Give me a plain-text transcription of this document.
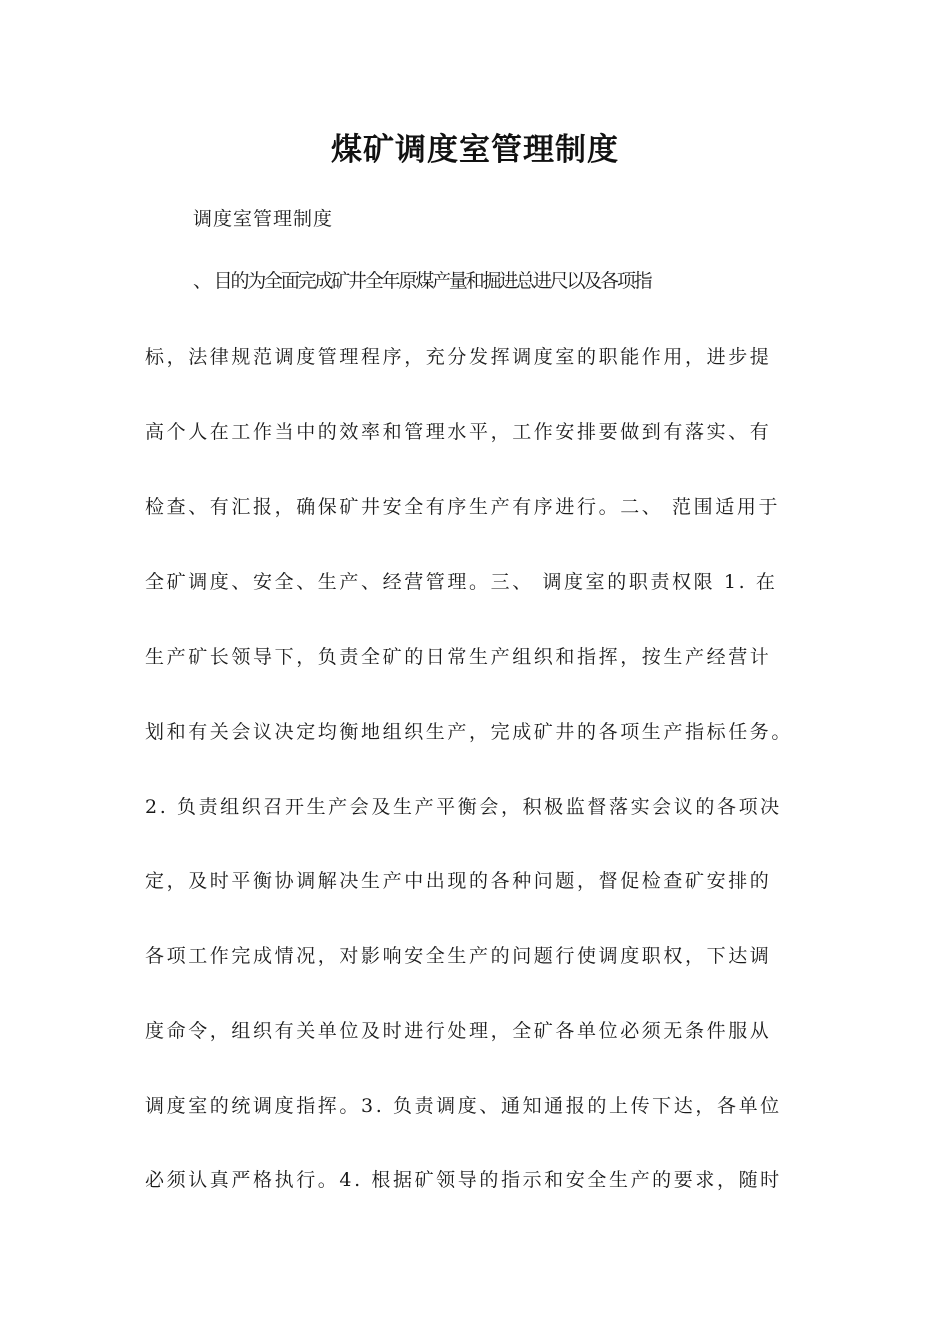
煤矿调度室管理制度

调度室管理制度

、 目的为全面完成矿井全年原煤产量和掘进总进尺以及各项指

标，法律规范调度管理程序，充分发挥调度室的职能作用，进步提

高个人在工作当中的效率和管理水平，工作安排要做到有落实、有

检查、有汇报，确保矿井安全有序生产有序进行。二、 范围适用于

全矿调度、安全、生产、经营管理。三、 调度室的职责权限 1. 在

生产矿长领导下，负责全矿的日常生产组织和指挥，按生产经营计

划和有关会议决定均衡地组织生产，完成矿井的各项生产指标任务。

2. 负责组织召开生产会及生产平衡会，积极监督落实会议的各项决

定，及时平衡协调解决生产中出现的各种问题，督促检查矿安排的

各项工作完成情况，对影响安全生产的问题行使调度职权，下达调

度命令，组织有关单位及时进行处理，全矿各单位必须无条件服从

调度室的统调度指挥。3. 负责调度、通知通报的上传下达，各单位

必须认真严格执行。4. 根据矿领导的指示和安全生产的要求，随时
